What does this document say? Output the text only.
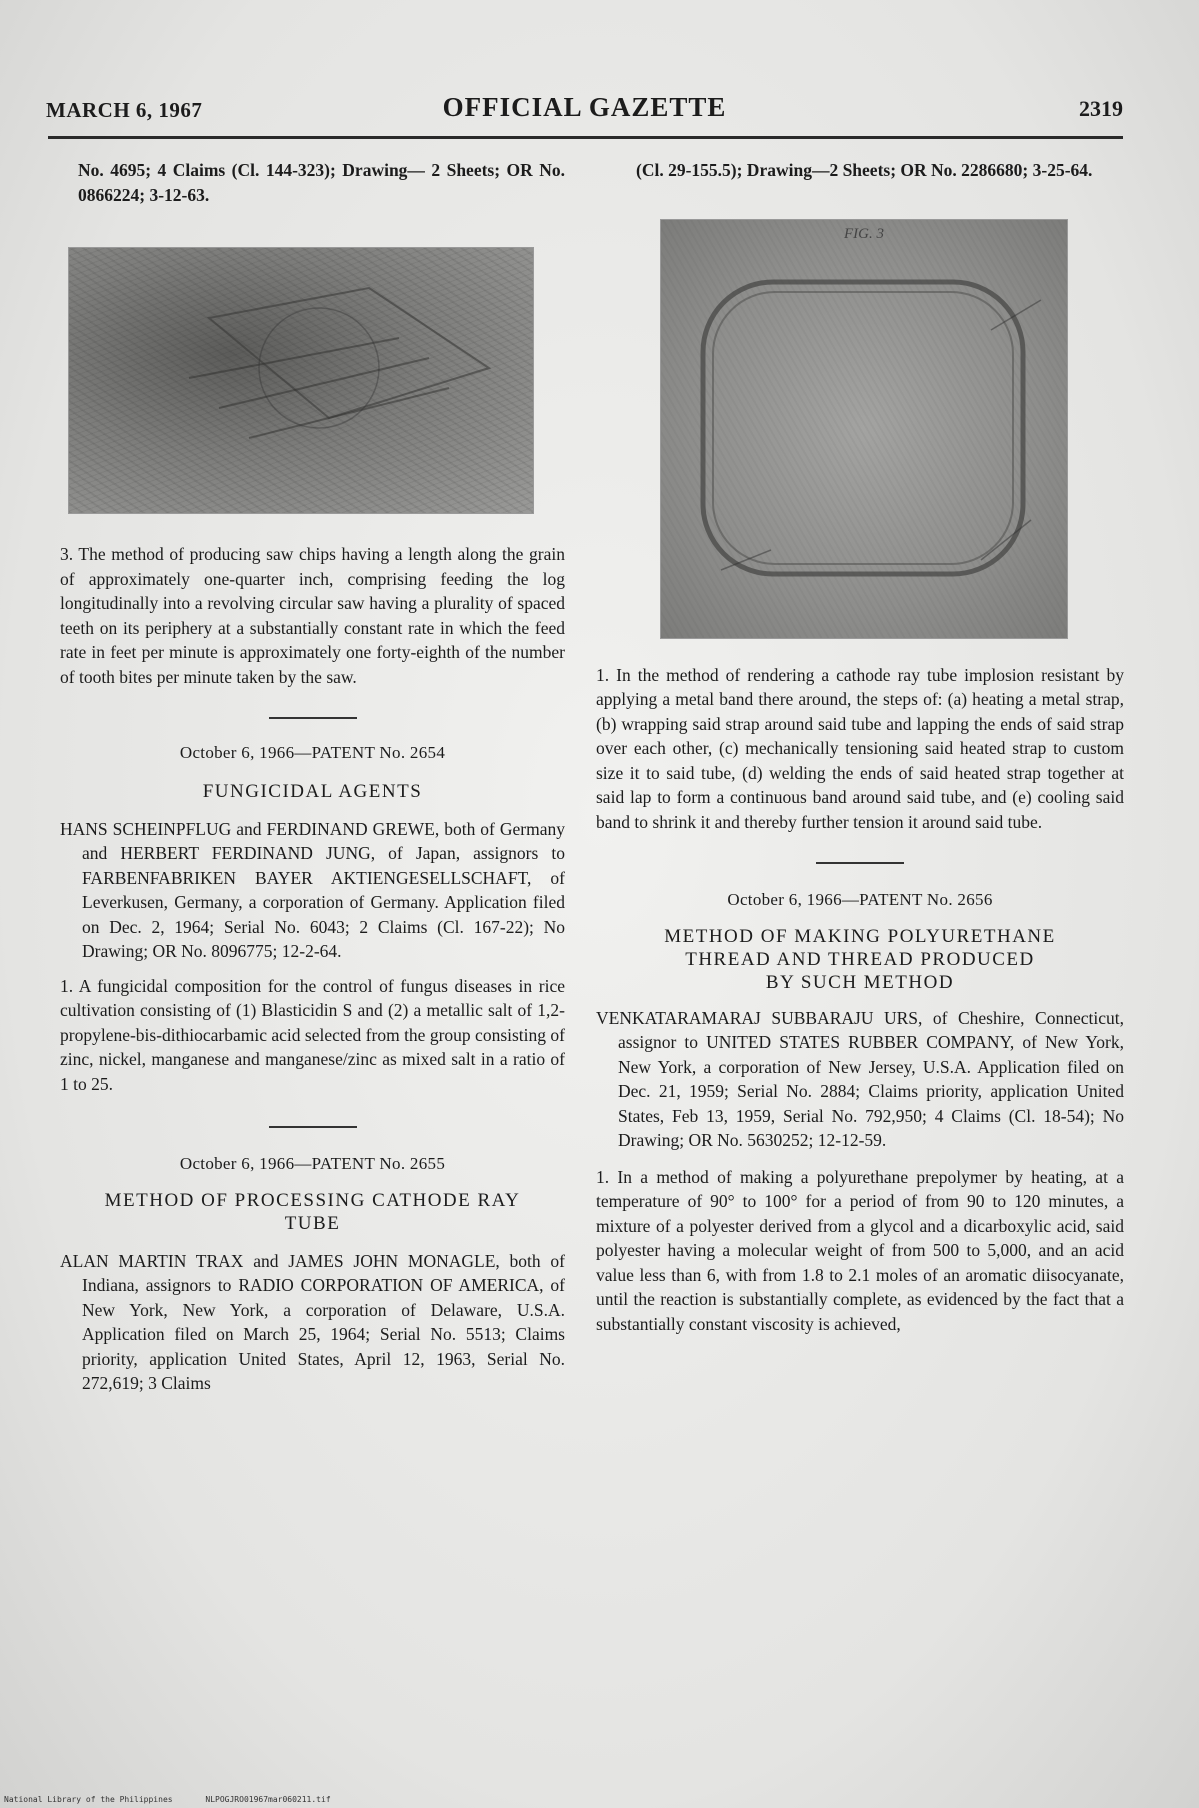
MARCH 6, 1967	OFFICIAL GAZETTE	2319

No. 4695; 4 Claims (Cl. 144-323); Drawing— 2 Sheets; OR No. 0866224; 3-12-63.

3. The method of producing saw chips having a length along the grain of approximately one-quarter inch, comprising feeding the log longitudinally into a revolving circular saw having a plurality of spaced teeth on its periphery at a substantially constant rate in which the feed rate in feet per minute is approximately one forty-eighth of the number of tooth bites per minute taken by the saw.

October 6, 1966—PATENT No. 2654

FUNGICIDAL AGENTS

HANS SCHEINPFLUG and FERDINAND GREWE, both of Germany and HERBERT FERDINAND JUNG, of Japan, assignors to FARBENFABRIKEN BAYER AKTIENGESELLSCHAFT, of Leverkusen, Germany, a corporation of Germany. Application filed on Dec. 2, 1964; Serial No. 6043; 2 Claims (Cl. 167-22); No Drawing; OR No. 8096775; 12-2-64.

1. A fungicidal composition for the control of fungus diseases in rice cultivation consisting of (1) Blasticidin S and (2) a metallic salt of 1,2-propylene-bis-dithiocarbamic acid selected from the group consisting of zinc, nickel, manganese and manganese/zinc as mixed salt in a ratio of 1 to 25.

October 6, 1966—PATENT No. 2655

METHOD OF PROCESSING CATHODE RAY

TUBE

ALAN MARTIN TRAX and JAMES JOHN MONAGLE, both of Indiana, assignors to RADIO CORPORATION OF AMERICA, of New York, New York, a corporation of Delaware, U.S.A. Application filed on March 25, 1964; Serial No. 5513; Claims priority, application United States, April 12, 1963, Serial No. 272,619; 3 Claims

(Cl. 29-155.5); Drawing—2 Sheets; OR No. 2286680; 3-25-64.

FIG. 3

1. In the method of rendering a cathode ray tube implosion resistant by applying a metal band there around, the steps of: (a) heating a metal strap, (b) wrapping said strap around said tube and lapping the ends of said strap over each other, (c) mechanically tensioning said heated strap to custom size it to said tube, (d) welding the ends of said heated strap together at said lap to form a continuous band around said tube, and (e) cooling said band to shrink it and thereby further tension it around said tube.

October 6, 1966—PATENT No. 2656

METHOD OF MAKING POLYURETHANE

THREAD AND THREAD PRODUCED

BY SUCH METHOD

VENKATARAMARAJ SUBBARAJU URS, of Cheshire, Connecticut, assignor to UNITED STATES RUBBER COMPANY, of New York, New York, a corporation of New Jersey, U.S.A. Application filed on Dec. 21, 1959; Serial No. 2884; Claims priority, application United States, Feb 13, 1959, Serial No. 792,950; 4 Claims (Cl. 18-54); No Drawing; OR No. 5630252; 12-12-59.

1. In a method of making a polyurethane prepolymer by heating, at a temperature of 90° to 100° for a period of from 90 to 120 minutes, a mixture of a polyester derived from a glycol and a dicarboxylic acid, said polyester having a molecular weight of from 500 to 5,000, and an acid value less than 6, with from 1.8 to 2.1 moles of an aromatic diisocyanate, until the reaction is substantially complete, as evidenced by the fact that a substantially constant viscosity is achieved,

National Library of the Philippines	NLPOGJRO01967mar060211.tif
